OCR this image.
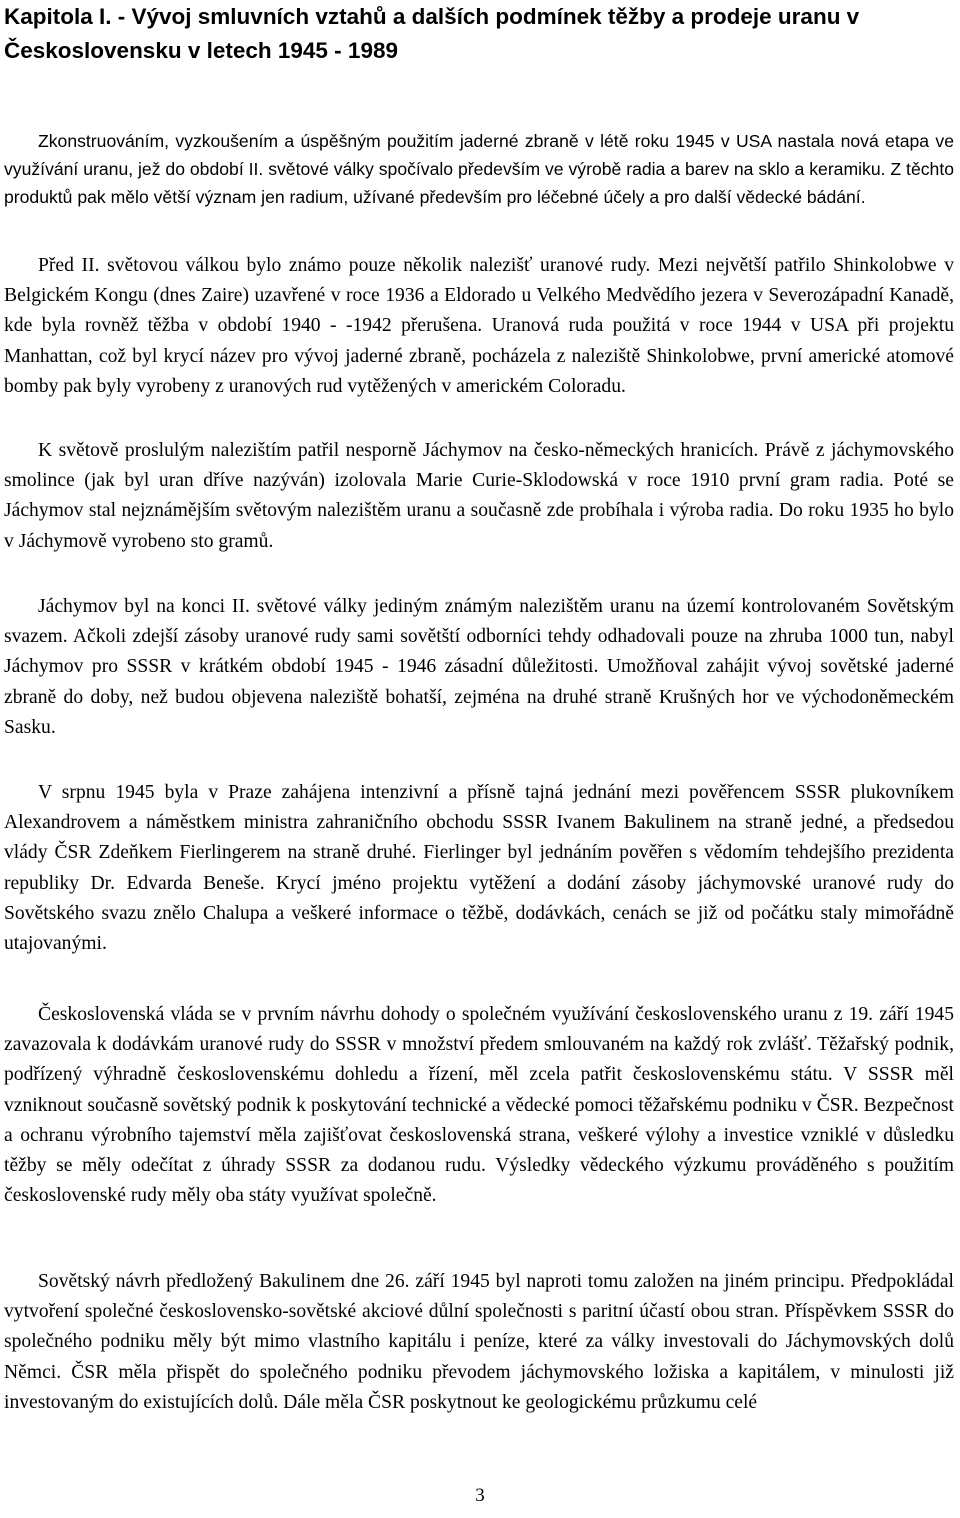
Kapitola I. - Vývoj smluvních vztahů a dalších podmínek těžby a prodeje uranu v Československu v letech 1945 - 1989

Zkonstruováním, vyzkoušením a úspěšným použitím jaderné zbraně v létě roku 1945 v USA nastala nová etapa ve využívání uranu, jež do období II. světové války spočívalo především ve výrobě radia a barev na sklo a keramiku. Z těchto produktů pak mělo větší význam jen radium, užívané především pro léčebné účely a pro další vědecké bádání.

Před II. světovou válkou bylo známo pouze několik nalezišť uranové rudy. Mezi největší patřilo Shinkolobwe v Belgickém Kongu (dnes Zaire) uzavřené v roce 1936 a Eldorado u Velkého Medvědího jezera v Severozápadní Kanadě, kde byla rovněž těžba v období 1940 - -1942 přerušena. Uranová ruda použitá v roce 1944 v USA při projektu Manhattan, což byl krycí název pro vývoj jaderné zbraně, pocházela z naleziště Shinkolobwe, první americké atomové bomby pak byly vyrobeny z uranových rud vytěžených v americkém Coloradu.

K světově proslulým nalezištím patřil nesporně Jáchymov na česko-německých hranicích. Právě z jáchymovského smolince (jak byl uran dříve nazýván) izolovala Marie Curie-Sklodowská v roce 1910 první gram radia. Poté se Jáchymov stal nejznámějším světovým nalezištěm uranu a současně zde probíhala i výroba radia. Do roku 1935 ho bylo v Jáchymově vyrobeno sto gramů.

Jáchymov byl na konci II. světové války jediným známým nalezištěm uranu na území kontrolovaném Sovětským svazem. Ačkoli zdejší zásoby uranové rudy sami sovětští odborníci tehdy odhadovali pouze na zhruba 1000 tun, nabyl Jáchymov pro SSSR v krátkém období 1945 - 1946 zásadní důležitosti. Umožňoval zahájit vývoj sovětské jaderné zbraně do doby, než budou objevena naleziště bohatší, zejména na druhé straně Krušných hor ve východoněmeckém Sasku.

V srpnu 1945 byla v Praze zahájena intenzivní a přísně tajná jednání mezi pověřencem SSSR plukovníkem Alexandrovem a náměstkem ministra zahraničního obchodu SSSR Ivanem Bakulinem na straně jedné, a předsedou vlády ČSR Zdeňkem Fierlingerem na straně druhé. Fierlinger byl jednáním pověřen s vědomím tehdejšího prezidenta republiky Dr. Edvarda Beneše. Krycí jméno projektu vytěžení a dodání zásoby jáchymovské uranové rudy do Sovětského svazu znělo Chalupa a veškeré informace o těžbě, dodávkách, cenách se již od počátku staly mimořádně utajovanými.

Československá vláda se v prvním návrhu dohody o společném využívání československého uranu z 19. září 1945 zavazovala k dodávkám uranové rudy do SSSR v množství předem smlouvaném na každý rok zvlášť. Těžařský podnik, podřízený výhradně československému dohledu a řízení, měl zcela patřit československému státu. V SSSR měl vzniknout současně sovětský podnik k poskytování technické a vědecké pomoci těžařskému podniku v ČSR. Bezpečnost a ochranu výrobního tajemství měla zajišťovat československá strana, veškeré výlohy a investice vzniklé v důsledku těžby se měly odečítat z úhrady SSSR za dodanou rudu. Výsledky vědeckého výzkumu prováděného s použitím československé rudy měly oba státy využívat společně.

Sovětský návrh předložený Bakulinem dne 26. září 1945 byl naproti tomu založen na jiném principu. Předpokládal vytvoření společné československo-sovětské akciové důlní společnosti s paritní účastí obou stran. Příspěvkem SSSR do společného podniku měly být mimo vlastního kapitálu i peníze, které za války investovali do Jáchymovských dolů Němci. ČSR měla přispět do společného podniku převodem jáchymovského ložiska a kapitálem, v minulosti již investovaným do existujících dolů. Dále měla ČSR poskytnout ke geologickému průzkumu celé

3
